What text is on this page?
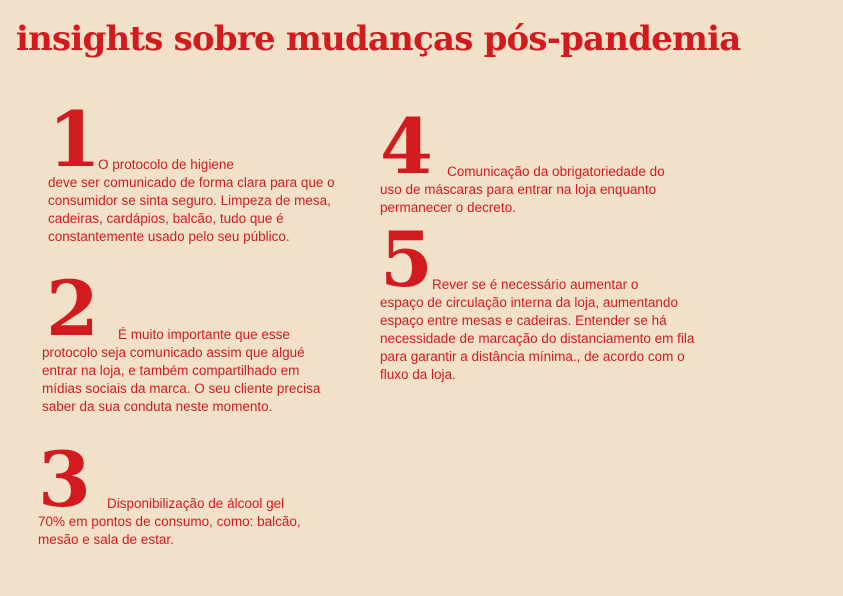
insights sobre mudanças pós-pandemia
1

O protocolo de higiene
deve ser comunicado de forma clara para que o consumidor se sinta seguro. Limpeza de mesa, cadeiras, cardápios, balcão, tudo que é constantemente usado pelo seu público.

2	É muito importante que esse
protocolo seja comunicado assim que algué entrar na loja, e também compartilhado em mídias sociais da marca. O seu cliente precisa saber da sua conduta neste momento.

3	Disponibilização de álcool gel
70% em pontos de consumo, como: balcão, mesão e sala de estar.

4	Comunicação da obrigatoriedade do
uso de máscaras para entrar na loja enquanto permanecer o decreto.

5 Rever se é necessário aumentar o
espaço de circulação interna da loja, aumentando espaço entre mesas e cadeiras. Entender se há necessidade de marcação do distanciamento em fila para garantir a distância mínima., de acordo com o fluxo da loja.
